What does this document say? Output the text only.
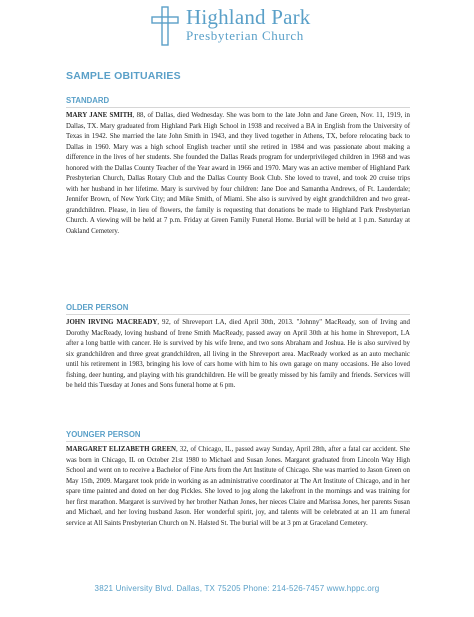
Highland Park
Presbyterian Church
SAMPLE OBITUARIES
STANDARD

MARY JANE SMITH, 88, of Dallas, died Wednesday. She was born to the late John and Jane Green, Nov. 11, 1919, in Dallas, TX. Mary graduated from Highland Park High School in 1938 and received a BA in English from the University of Texas in 1942. She married the late John Smith in 1943, and they lived together in Athens, TX, before relocating back to Dallas in 1960. Mary was a high school English teacher until she retired in 1984 and was passionate about making a difference in the lives of her students. She founded the Dallas Reads program for underprivileged children in 1968 and was honored with the Dallas County Teacher of the Year award in 1966 and 1970. Mary was an active member of Highland Park Presbyterian Church, Dallas Rotary Club and the Dallas County Book Club. She loved to travel, and took 20 cruise trips with her husband in her lifetime. Mary is survived by four children: Jane Doe and Samantha Andrews, of Ft. Lauderdale; Jennifer Brown, of New York City; and Mike Smith, of Miami. She also is survived by eight grandchildren and two great-grandchildren. Please, in lieu of flowers, the family is requesting that donations be made to Highland Park Presbyterian Church. A viewing will be held at 7 p.m. Friday at Green Family Funeral Home. Burial will be held at 1 p.m. Saturday at Oakland Cemetery.

OLDER PERSON

JOHN IRVING MACREADY, 92, of Shreveport LA, died April 30th, 2013. "Johnny" MacReady, son of Irving and Dorothy MacReady, loving husband of Irene Smith MacReady, passed away on April 30th at his home in Shreveport, LA after a long battle with cancer. He is survived by his wife Irene, and two sons Abraham and Joshua. He is also survived by six grandchildren and three great grandchildren, all living in the Shreveport area. MacReady worked as an auto mechanic until his retirement in 1983, bringing his love of cars home with him to his own garage on many occasions. He also loved fishing, deer hunting, and playing with his grandchildren. He will be greatly missed by his family and friends. Services will be held this Tuesday at Jones and Sons funeral home at 6 pm.

YOUNGER PERSON

MARGARET ELIZABETH GREEN, 32, of Chicago, IL, passed away Sunday, April 28th, after a fatal car accident. She was born in Chicago, IL on October 21st 1980 to Michael and Susan Jones. Margaret graduated from Lincoln Way High School and went on to receive a Bachelor of Fine Arts from the Art Institute of Chicago. She was married to Jason Green on May 15th, 2009. Margaret took pride in working as an administrative coordinator at The Art Institute of Chicago, and in her spare time painted and doted on her dog Pickles. She loved to jog along the lakefront in the mornings and was training for her first marathon. Margaret is survived by her brother Nathan Jones, her nieces Claire and Marissa Jones, her parents Susan and Michael, and her loving husband Jason. Her wonderful spirit, joy, and talents will be celebrated at an 11 am funeral service at All Saints Presbyterian Church on N. Halsted St. The burial will be at 3 pm at Graceland Cemetery.

3821 University Blvd. Dallas, TX 75205 Phone: 214-526-7457 www.hppc.org
